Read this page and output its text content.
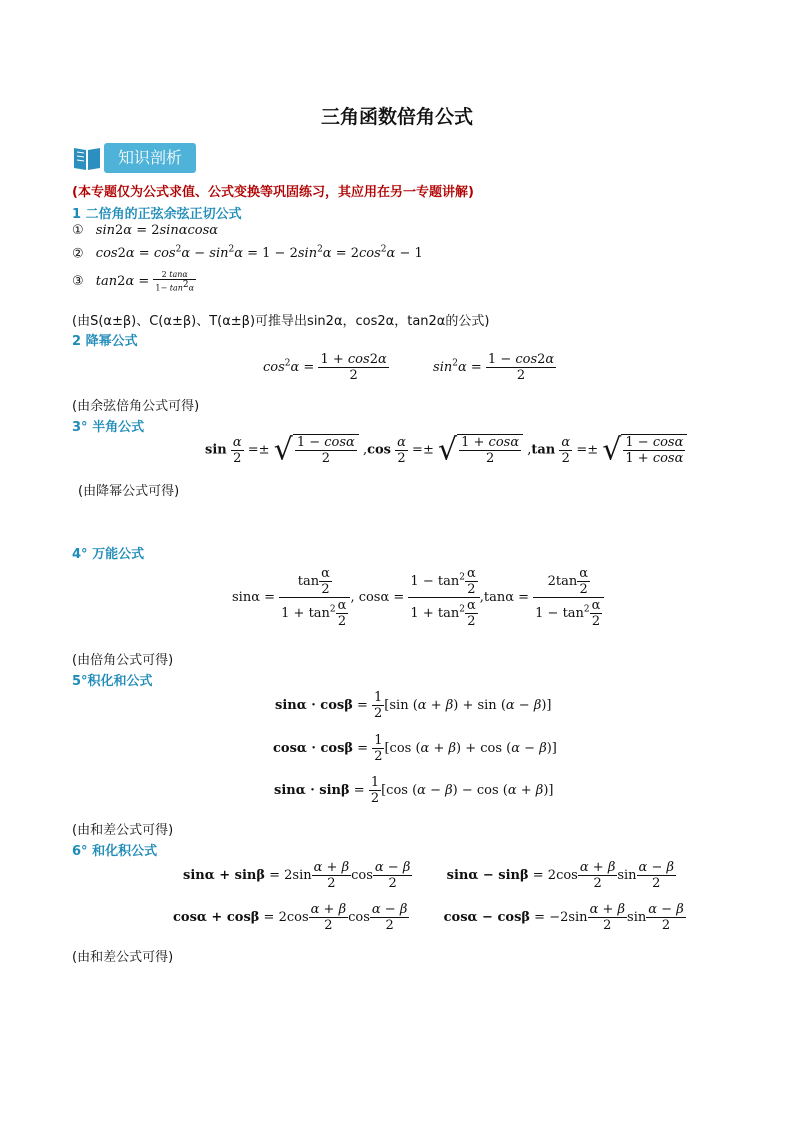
三角函数倍角公式
知识剖析
(本专题仅为公式求值、公式变换等巩固练习，其应用在另一专题讲解)
1 二倍角的正弦余弦正切公式
① sin2α = 2sinαcosα
② $\cos 2\alpha = \cos^2\alpha - \sin^2\alpha = 1 - 2\sin^2\alpha = 2\cos^2\alpha - 1$
③ $\tan 2\alpha = \frac{2 \tan\alpha}{1- \tan^2\alpha}$
(由S(α±β)、C(α±β)、T(α±β)可推导出sin2α，cos2α，tan2α的公式)
2 降幂公式
$\cos^2\alpha = \frac{1 + \cos 2\alpha}{2}$	$\sin^2\alpha = \frac{1 - \cos 2\alpha}{2}$
(由余弦倍角公式可得)
3° 半角公式
$\sin \frac{\alpha}{2}$ =± √ $\frac{1 - \cos\alpha}{2} ,\cos \frac{\alpha}{2}$ =± √ $\frac{1 + \cos\alpha}{2} ,\tan \frac{\alpha}{2}$ =± √ $\frac{1 - \cos\alpha}{1 + \cos\alpha}$
(由降幂公式可得)
4° 万能公式
$\sin\alpha = \frac{\tan \frac{\alpha}{2}}{1 + \tan^2 \frac{\alpha}{2}}$ , $\cos\alpha = \frac{1 - \tan^2 \frac{\alpha}{2}}{1 + \tan^2 \frac{\alpha}{2}} ,\tan\alpha = \frac{2\tan \frac{\alpha}{2}}{1 - \tan^2 \frac{\alpha}{2}}$
(由倍角公式可得)
5°积化和公式
$\sin\alpha \cdot \cos\beta = \frac{1}{2} [\sin$ (α + β) + sin (α − β)]
$\cos\alpha \cdot \cos\beta = \frac{1}{2} [\cos$ (α + β) + cos (α − β)]
$\sin\alpha \cdot \sin\beta = \frac{1}{2} [\cos$ (α − β) − cos (α + β)]
(由和差公式可得)
6° 和化积公式
$\sin\alpha + \sin\beta = 2\sin \frac{\alpha + \beta}{2}$ $\cos \frac{\alpha - \beta}{2}$	$\sin\alpha - \sin\beta = 2\cos \frac{\alpha + \beta}{2}$ $\sin \frac{\alpha - \beta}{2}$
$\cos\alpha + \cos\beta = 2\cos \frac{\alpha + \beta}{2}$ $\cos \frac{\alpha - \beta}{2}$	$\cos\alpha - \cos\beta = -2\sin \frac{\alpha + \beta}{2}$ $\sin \frac{\alpha - \beta}{2}$
(由和差公式可得)
